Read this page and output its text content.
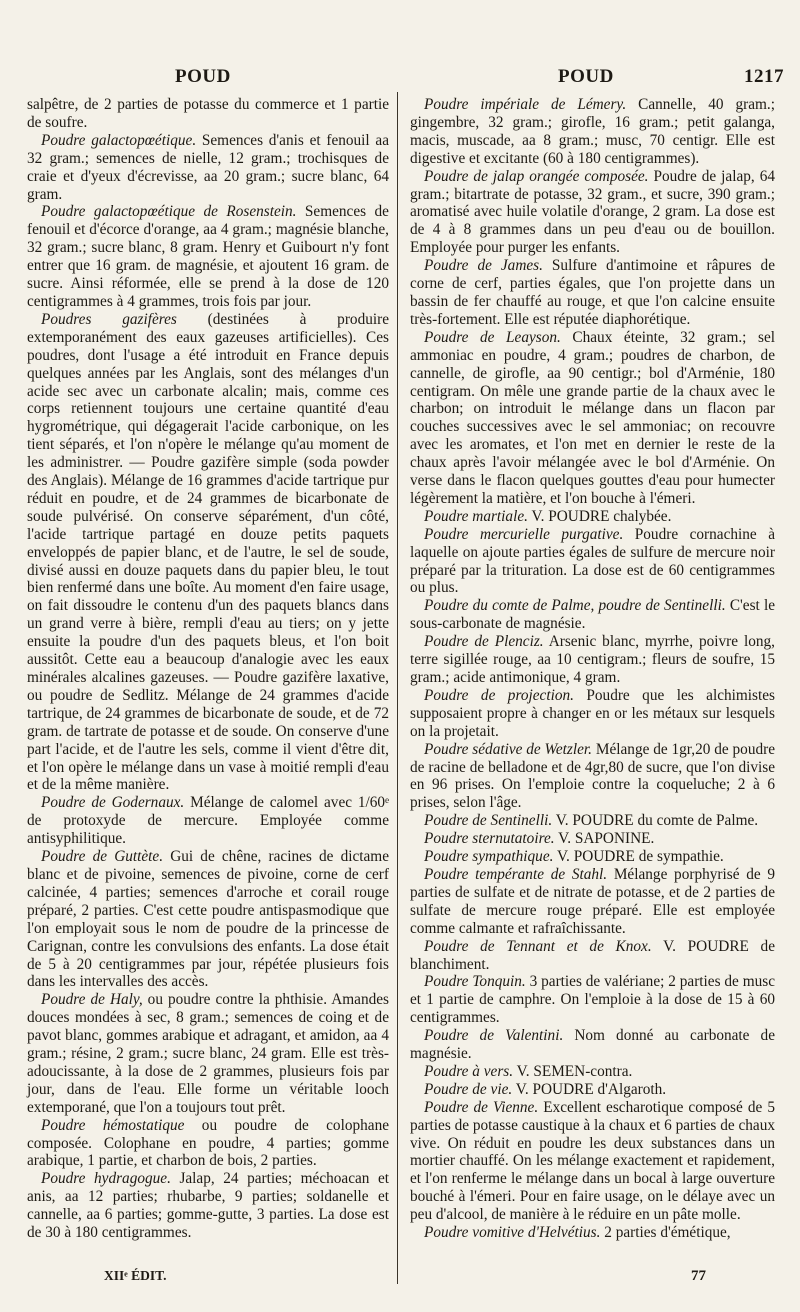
POUD	POUD	1217

salpêtre, de 2 parties de potasse du commerce et 1 partie de soufre.

Poudre galactopœétique. Semences d'anis et fenouil aa 32 gram.; semences de nielle, 12 gram.; trochisques de craie et d'yeux d'écrevisse, aa 20 gram.; sucre blanc, 64 gram.

Poudre galactopœétique de Rosenstein. Semences de fenouil et d'écorce d'orange, aa 4 gram.; magnésie blanche, 32 gram.; sucre blanc, 8 gram. Henry et Guibourt n'y font entrer que 16 gram. de magnésie, et ajoutent 16 gram. de sucre. Ainsi réformée, elle se prend à la dose de 120 centigrammes à 4 grammes, trois fois par jour.

Poudres gazifères (destinées à produire extemporanément des eaux gazeuses artificielles). Ces poudres, dont l'usage a été introduit en France depuis quelques années par les Anglais, sont des mélanges d'un acide sec avec un carbonate alcalin; mais, comme ces corps retiennent toujours une certaine quantité d'eau hygrométrique, qui dégagerait l'acide carbonique, on les tient séparés, et l'on n'opère le mélange qu'au moment de les administrer. — Poudre gazifère simple (soda powder des Anglais). Mélange de 16 grammes d'acide tartrique pur réduit en poudre, et de 24 grammes de bicarbonate de soude pulvérisé. On conserve séparément, d'un côté, l'acide tartrique partagé en douze petits paquets enveloppés de papier blanc, et de l'autre, le sel de soude, divisé aussi en douze paquets dans du papier bleu, le tout bien renfermé dans une boîte. Au moment d'en faire usage, on fait dissoudre le contenu d'un des paquets blancs dans un grand verre à bière, rempli d'eau au tiers; on y jette ensuite la poudre d'un des paquets bleus, et l'on boit aussitôt. Cette eau a beaucoup d'analogie avec les eaux minérales alcalines gazeuses. — Poudre gazifère laxative, ou poudre de Sedlitz. Mélange de 24 grammes d'acide tartrique, de 24 grammes de bicarbonate de soude, et de 72 gram. de tartrate de potasse et de soude. On conserve d'une part l'acide, et de l'autre les sels, comme il vient d'être dit, et l'on opère le mélange dans un vase à moitié rempli d'eau et de la même manière.

Poudre de Godernaux. Mélange de calomel avec 1/60ᵉ de protoxyde de mercure. Employée comme antisyphilitique.

Poudre de Guttète. Gui de chêne, racines de dictame blanc et de pivoine, semences de pivoine, corne de cerf calcinée, 4 parties; semences d'arroche et corail rouge préparé, 2 parties. C'est cette poudre antispasmodique que l'on employait sous le nom de poudre de la princesse de Carignan, contre les convulsions des enfants. La dose était de 5 à 20 centigrammes par jour, répétée plusieurs fois dans les intervalles des accès.

Poudre de Haly, ou poudre contre la phthisie. Amandes douces mondées à sec, 8 gram.; semences de coing et de pavot blanc, gommes arabique et adragant, et amidon, aa 4 gram.; résine, 2 gram.; sucre blanc, 24 gram. Elle est très-adoucissante, à la dose de 2 grammes, plusieurs fois par jour, dans de l'eau. Elle forme un véritable looch extemporané, que l'on a toujours tout prêt.

Poudre hémostatique ou poudre de colophane composée. Colophane en poudre, 4 parties; gomme arabique, 1 partie, et charbon de bois, 2 parties.

Poudre hydragogue. Jalap, 24 parties; méchoacan et anis, aa 12 parties; rhubarbe, 9 parties; soldanelle et cannelle, aa 6 parties; gomme-gutte, 3 parties. La dose est de 30 à 180 centigrammes.

Poudre impériale de Lémery. Cannelle, 40 gram.; gingembre, 32 gram.; girofle, 16 gram.; petit galanga, macis, muscade, aa 8 gram.; musc, 70 centigr. Elle est digestive et excitante (60 à 180 centigrammes).

Poudre de jalap orangée composée. Poudre de jalap, 64 gram.; bitartrate de potasse, 32 gram., et sucre, 390 gram.; aromatisé avec huile volatile d'orange, 2 gram. La dose est de 4 à 8 grammes dans un peu d'eau ou de bouillon. Employée pour purger les enfants.

Poudre de James. Sulfure d'antimoine et râpures de corne de cerf, parties égales, que l'on projette dans un bassin de fer chauffé au rouge, et que l'on calcine ensuite très-fortement. Elle est réputée diaphorétique.

Poudre de Leayson. Chaux éteinte, 32 gram.; sel ammoniac en poudre, 4 gram.; poudres de charbon, de cannelle, de girofle, aa 90 centigr.; bol d'Arménie, 180 centigram. On mêle une grande partie de la chaux avec le charbon; on introduit le mélange dans un flacon par couches successives avec le sel ammoniac; on recouvre avec les aromates, et l'on met en dernier le reste de la chaux après l'avoir mélangée avec le bol d'Arménie. On verse dans le flacon quelques gouttes d'eau pour humecter légèrement la matière, et l'on bouche à l'émeri.

Poudre martiale. V. POUDRE chalybée.

Poudre mercurielle purgative. Poudre cornachine à laquelle on ajoute parties égales de sulfure de mercure noir préparé par la trituration. La dose est de 60 centigrammes ou plus.

Poudre du comte de Palme, poudre de Sentinelli. C'est le sous-carbonate de magnésie.

Poudre de Plenciz. Arsenic blanc, myrrhe, poivre long, terre sigillée rouge, aa 10 centigram.; fleurs de soufre, 15 gram.; acide antimonique, 4 gram.

Poudre de projection. Poudre que les alchimistes supposaient propre à changer en or les métaux sur lesquels on la projetait.

Poudre sédative de Wetzler. Mélange de 1gr,20 de poudre de racine de belladone et de 4gr,80 de sucre, que l'on divise en 96 prises. On l'emploie contre la coqueluche; 2 à 6 prises, selon l'âge.

Poudre de Sentinelli. V. POUDRE du comte de Palme.

Poudre sternutatoire. V. SAPONINE.

Poudre sympathique. V. POUDRE de sympathie.

Poudre tempérante de Stahl. Mélange porphyrisé de 9 parties de sulfate et de nitrate de potasse, et de 2 parties de sulfate de mercure rouge préparé. Elle est employée comme calmante et rafraîchissante.

Poudre de Tennant et de Knox. V. POUDRE de blanchiment.

Poudre Tonquin. 3 parties de valériane; 2 parties de musc et 1 partie de camphre. On l'emploie à la dose de 15 à 60 centigrammes.

Poudre de Valentini. Nom donné au carbonate de magnésie.

Poudre à vers. V. SEMEN-contra.

Poudre de vie. V. POUDRE d'Algaroth.

Poudre de Vienne. Excellent escharotique composé de 5 parties de potasse caustique à la chaux et 6 parties de chaux vive. On réduit en poudre les deux substances dans un mortier chauffé. On les mélange exactement et rapidement, et l'on renferme le mélange dans un bocal à large ouverture bouché à l'émeri. Pour en faire usage, on le délaye avec un peu d'alcool, de manière à le réduire en un pâte molle.

Poudre vomitive d'Helvétius. 2 parties d'émétique,

XIIᵉ ÉDIT.	77
